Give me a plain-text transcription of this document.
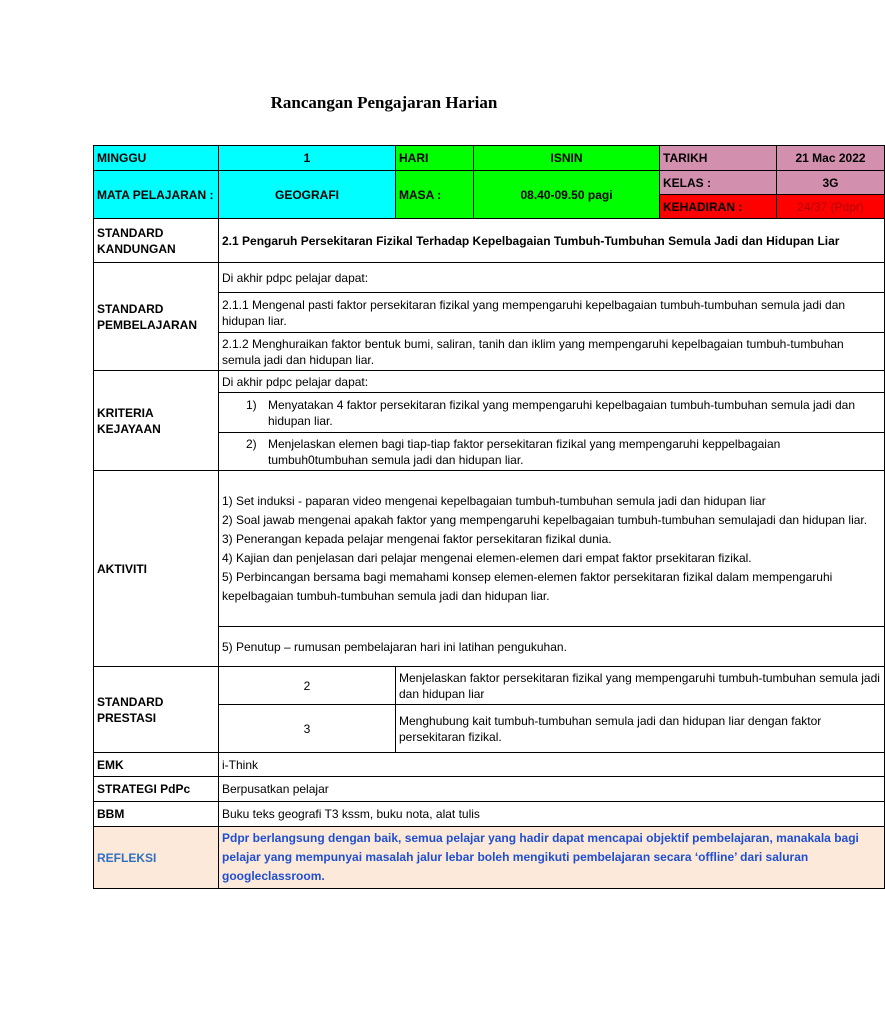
Rancangan Pengajaran Harian
MINGGU	1	HARI	ISNIN	TARIKH	21 Mac 2022
MATA PELAJARAN :	GEOGRAFI	MASA :	08.40-09.50 pagi	KELAS :	3G
				KEHADIRAN :	24/37 (Pdpr)
STANDARD KANDUNGAN	2.1 Pengaruh Persekitaran Fizikal Terhadap Kepelbagaian Tumbuh-Tumbuhan Semula Jadi dan Hidupan Liar				
STANDARD PEMBELAJARAN	Di akhir pdpc pelajar dapat:				
	2.1.1 Mengenal pasti faktor persekitaran fizikal yang mempengaruhi kepelbagaian tumbuh-tumbuhan semula jadi dan hidupan liar.				
	2.1.2 Menghuraikan faktor bentuk bumi, saliran, tanih dan iklim yang mempengaruhi kepelbagaian tumbuh-tumbuhan semula jadi dan hidupan liar.				
KRITERIA KEJAYAAN	Di akhir pdpc pelajar dapat:				

	1) Menyatakan 4 faktor persekitaran fizikal yang mempengaruhi kepelbagaian tumbuh-tumbuhan semula jadi dan hidupan liar.				

	2) Menjelaskan elemen bagi tiap-tiap faktor persekitaran fizikal yang mempengaruhi keppelbagaian tumbuh0tumbuhan semula jadi dan hidupan liar.				

AKTIVITI	1) Set induksi - paparan video mengenai kepelbagaian tumbuh-tumbuhan semula jadi dan hidupan liar

2) Soal jawab mengenai apakah faktor yang mempengaruhi kepelbagaian tumbuh-tumbuhan semulajadi dan hidupan liar.

3) Penerangan kepada pelajar mengenai faktor persekitaran fizikal dunia.

4) Kajian dan penjelasan dari pelajar mengenai elemen-elemen dari empat faktor prsekitaran fizikal.

5) Perbincangan bersama bagi memahami konsep elemen-elemen faktor persekitaran fizikal dalam mempengaruhi kepelbagaian tumbuh-tumbuhan semula jadi dan hidupan liar.				

	5) Penutup – rumusan pembelajaran hari ini latihan pengukuhan.				
STANDARD PRESTASI	2	Menjelaskan faktor persekitaran fizikal yang mempengaruhi tumbuh-tumbuhan semula jadi dan hidupan liar			
	3	Menghubung kait tumbuh-tumbuhan semula jadi dan hidupan liar dengan faktor persekitaran fizikal.			
EMK	i-Think				
STRATEGI PdPc	Berpusatkan pelajar				
BBM	Buku teks geografi T3 kssm, buku nota, alat tulis				
REFLEKSI	Pdpr berlangsung dengan baik, semua pelajar yang hadir dapat mencapai objektif pembelajaran, manakala bagi pelajar yang mempunyai masalah jalur lebar boleh mengikuti pembelajaran secara ‘offline’ dari saluran googleclassroom.				
